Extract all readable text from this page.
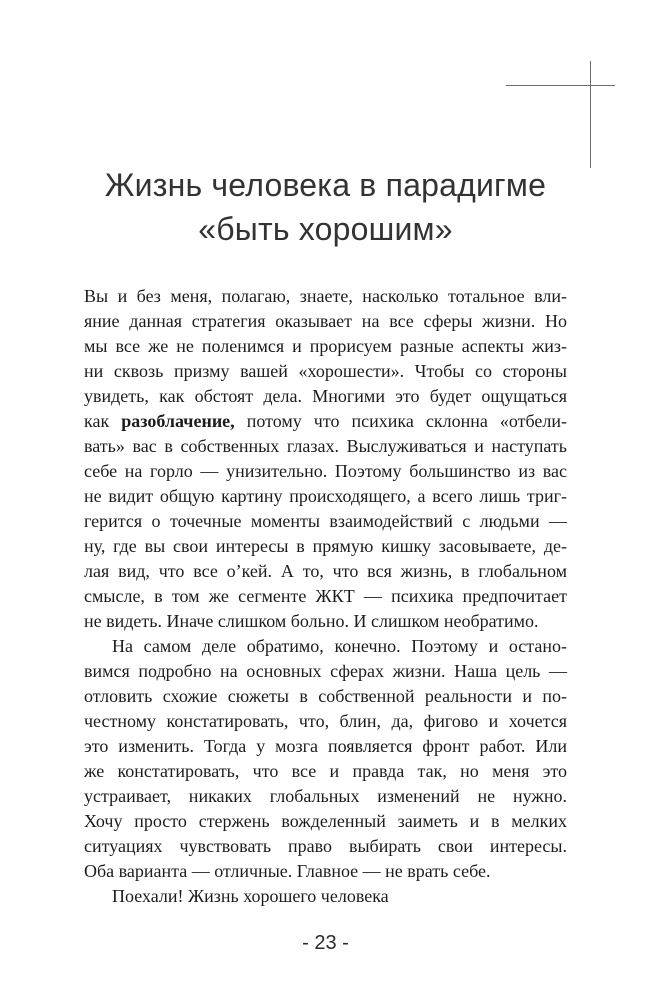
Жизнь человека в парадигме
«быть хорошим»
Вы и без меня, полагаю, знаете, насколько тотальное вли-
яние данная стратегия оказывает на все сферы жизни. Но
мы все же не поленимся и прорисуем разные аспекты жиз-
ни сквозь призму вашей «хорошести». Чтобы со стороны
увидеть, как обстоят дела. Многими это будет ощущаться
как разоблачение, потому что психика склонна «отбели-
вать» вас в собственных глазах. Выслуживаться и наступать
себе на горло — унизительно. Поэтому большинство из вас
не видит общую картину происходящего, а всего лишь триг-
герится о точечные моменты взаимодействий с людьми —
ну, где вы свои интересы в прямую кишку засовываете, де-
лая вид, что все о’кей. А то, что вся жизнь, в глобальном
смысле, в том же сегменте ЖКТ — психика предпочитает
не видеть. Иначе слишком больно. И слишком необратимо.
На самом деле обратимо, конечно. Поэтому и остано-
вимся подробно на основных сферах жизни. Наша цель —
отловить схожие сюжеты в собственной реальности и по-
честному констатировать, что, блин, да, фигово и хочется
это изменить. Тогда у мозга появляется фронт работ. Или
же констатировать, что все и правда так, но меня это
устраивает, никаких глобальных изменений не нужно.
Хочу просто стержень вожделенный заиметь и в мелких
ситуациях чувствовать право выбирать свои интересы.
Оба варианта — отличные. Главное — не врать себе.
Поехали! Жизнь хорошего человека
- 23 -
